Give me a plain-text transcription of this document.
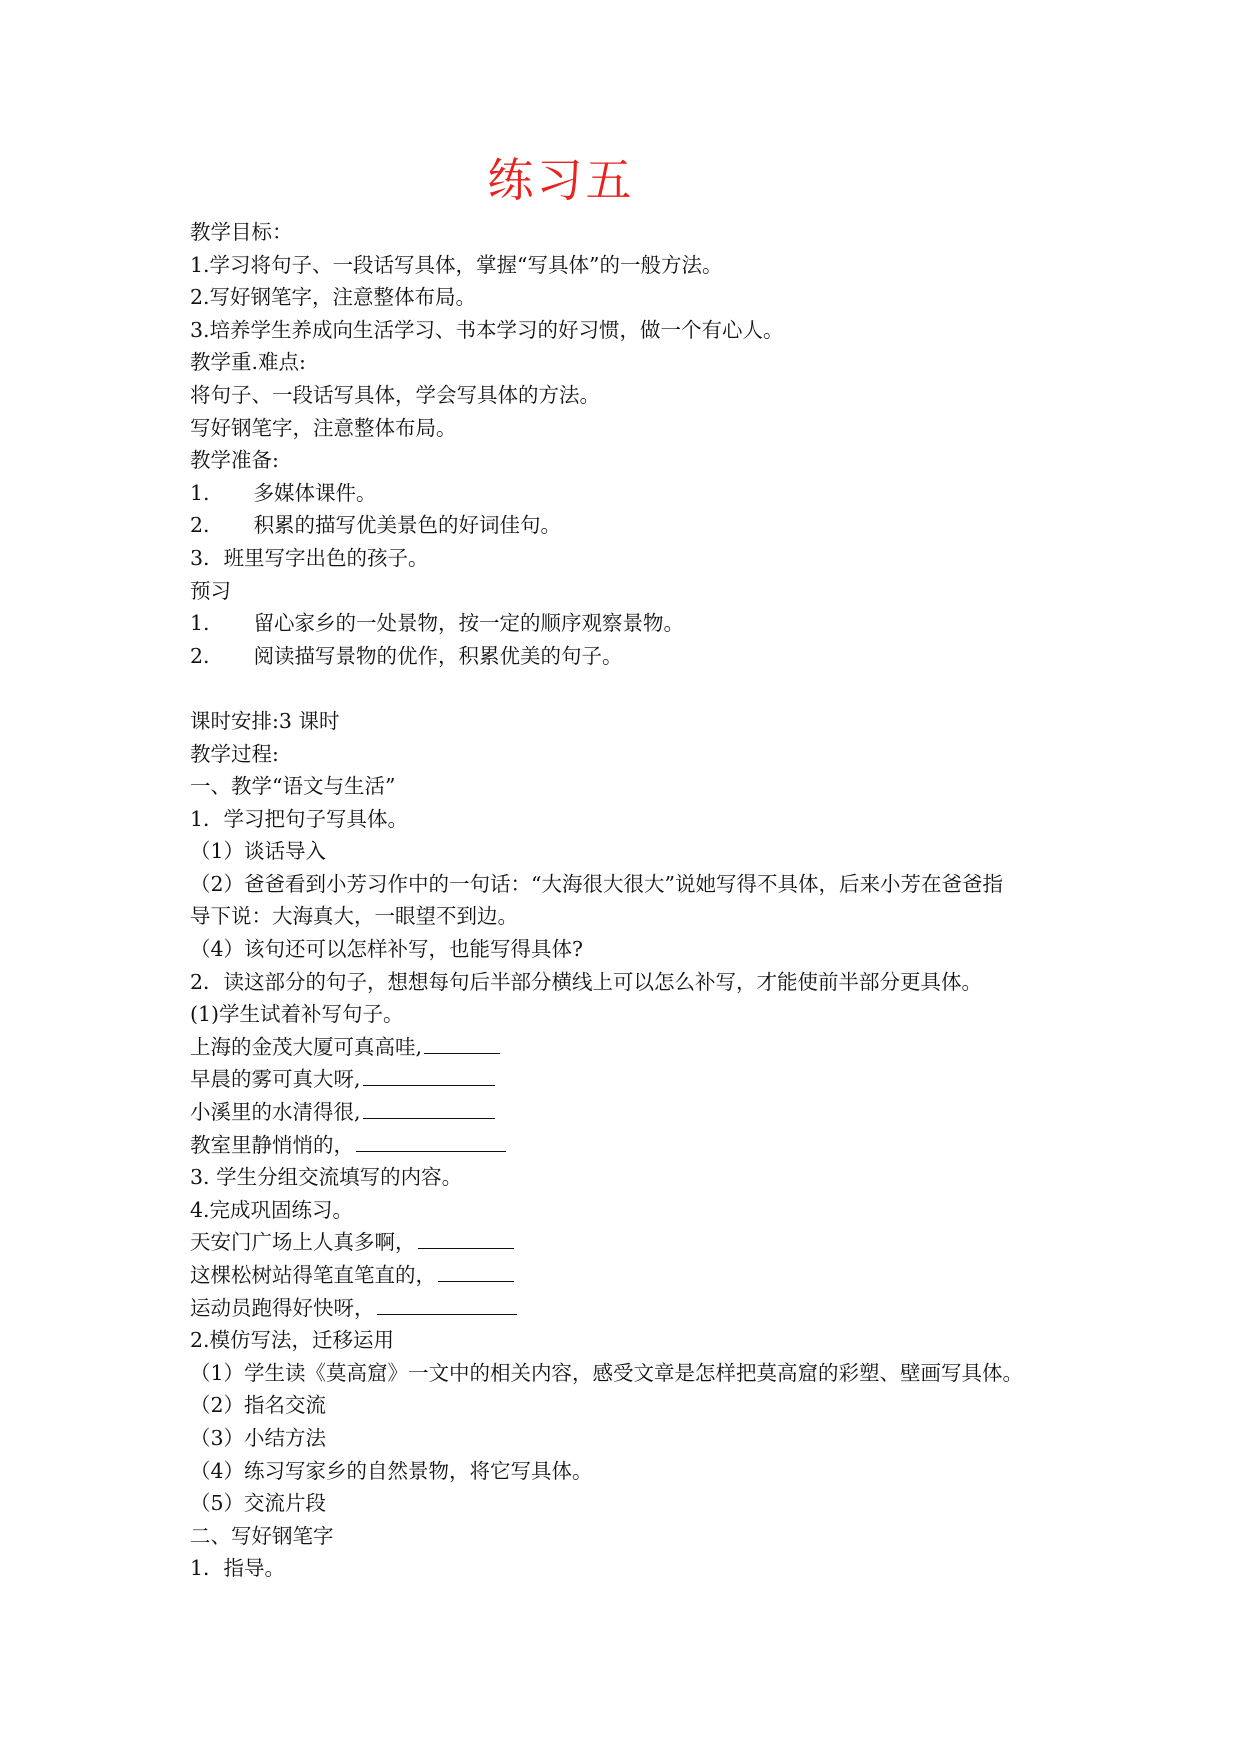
练习五
教学目标：
1.学习将句子、一段话写具体，掌握“写具体”的一般方法。
2.写好钢笔字，注意整体布局。
3.培养学生养成向生活学习、书本学习的好习惯，做一个有心人。
教学重.难点:
将句子、一段话写具体，学会写具体的方法。
写好钢笔字，注意整体布局。
教学准备:
1. 多媒体课件。
2. 积累的描写优美景色的好词佳句。
3. 班里写字出色的孩子。
预习
1. 留心家乡的一处景物，按一定的顺序观察景物。
2. 阅读描写景物的优作，积累优美的句子。
课时安排:3 课时
教学过程:
一、教学“语文与生活”
1．学习把句子写具体。
（1）谈话导入
（2）爸爸看到小芳习作中的一句话：“大海很大很大”说她写得不具体，后来小芳在爸爸指
导下说：大海真大，一眼望不到边。
（4）该句还可以怎样补写，也能写得具体?
2．读这部分的句子，想想每句后半部分横线上可以怎么补写，才能使前半部分更具体。
(1)学生试着补写句子。
上海的金茂大厦可真高哇,
早晨的雾可真大呀,
小溪里的水清得很,
教室里静悄悄的，
3. 学生分组交流填写的内容。
4.完成巩固练习。
天安门广场上人真多啊，
这棵松树站得笔直笔直的，
运动员跑得好快呀，
2.模仿写法，迁移运用
（1）学生读《莫高窟》一文中的相关内容，感受文章是怎样把莫高窟的彩塑、壁画写具体。
（2）指名交流
（3）小结方法
（4）练习写家乡的自然景物，将它写具体。
（5）交流片段
二、写好钢笔字
1．指导。
